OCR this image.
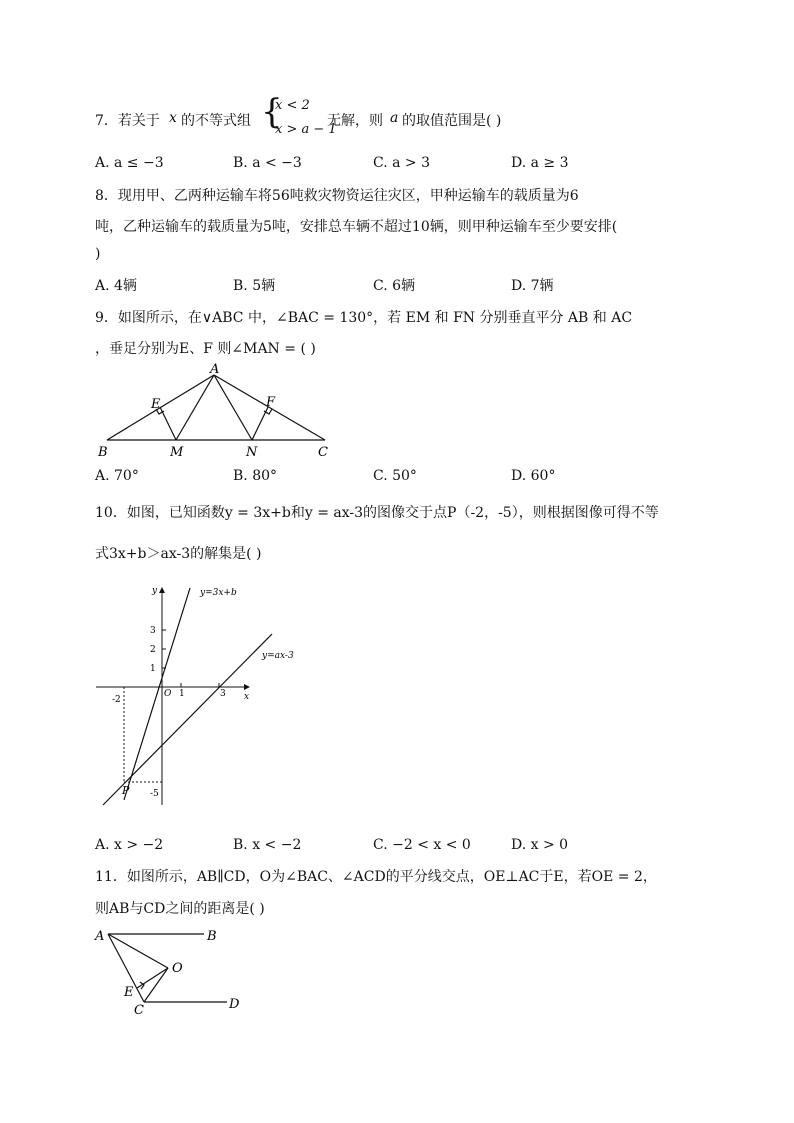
7．若关于 x 的不等式组 {
x < 2
x > a − 1
无解，则 a 的取值范围是( )
A. a ≤ −3	B. a < −3	C. a > 3	D. a ≥ 3
8．现用甲、乙两种运输车将56吨救灾物资运往灾区，甲种运输车的载质量为6
吨，乙种运输车的载质量为5吨，安排总车辆不超过10辆，则甲种运输车至少要安排(
)
A. 4辆	B. 5辆	C. 6辆	D. 7辆
9．如图所示，在∨ABC 中，∠BAC = 130°，若 EM 和 FN 分别垂直平分 AB 和 AC
，垂足分别为E、F 则∠MAN = ( )
A
B	C
E	F
M	N
A. 70°	B. 80°	C. 50°	D. 60°
10．如图，已知函数y = 3x+b和y = ax-3的图像交于点P（-2，-5），则根据图像可得不等
式3x+b＞ax-3的解集是( )
y
x
O
y=3x+b
y=ax-3
3
2
1
1	3
-2
-5
P
A. x > −2	B. x < −2	C. −2 < x < 0	D. x > 0
11．如图所示，AB∥CD，O为∠BAC、∠ACD的平分线交点，OE⊥AC于E，若OE = 2，
则AB与CD之间的距离是( )
A	B
C	D
E
O
